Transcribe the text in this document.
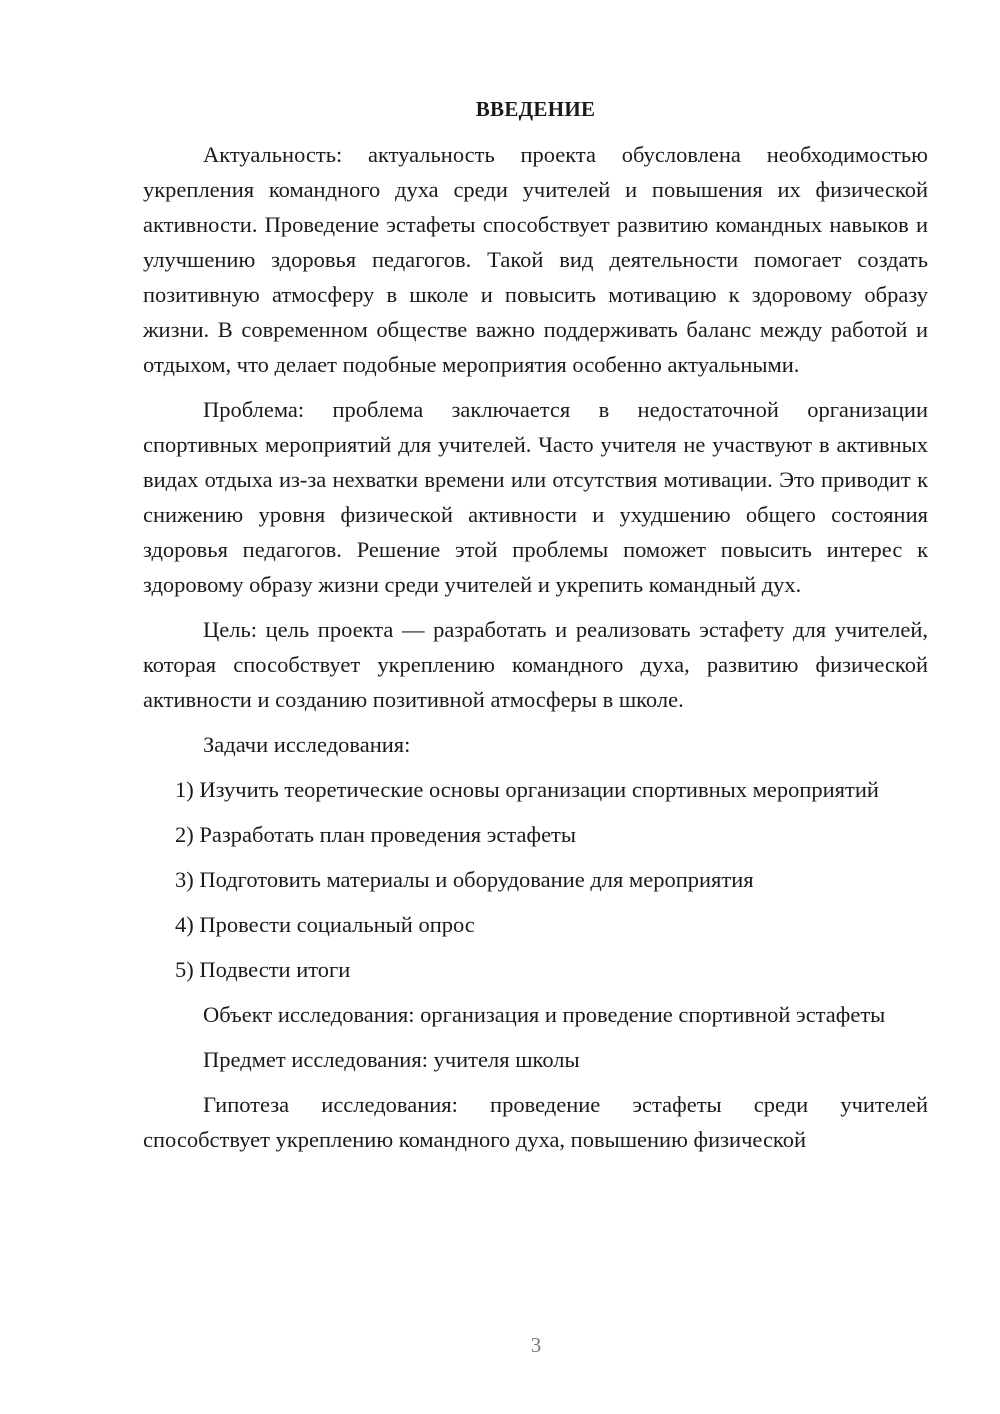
ВВЕДЕНИЕ

Актуальность: актуальность проекта обусловлена необходимостью укрепления командного духа среди учителей и повышения их физической активности. Проведение эстафеты способствует развитию командных навыков и улучшению здоровья педагогов. Такой вид деятельности помогает создать позитивную атмосферу в школе и повысить мотивацию к здоровому образу жизни. В современном обществе важно поддерживать баланс между работой и отдыхом, что делает подобные мероприятия особенно актуальными.

Проблема: проблема заключается в недостаточной организации спортивных мероприятий для учителей. Часто учителя не участвуют в активных видах отдыха из-за нехватки времени или отсутствия мотивации. Это приводит к снижению уровня физической активности и ухудшению общего состояния здоровья педагогов. Решение этой проблемы поможет повысить интерес к здоровому образу жизни среди учителей и укрепить командный дух.

Цель: цель проекта — разработать и реализовать эстафету для учителей, которая способствует укреплению командного духа, развитию физической активности и созданию позитивной атмосферы в школе.

Задачи исследования:

1) Изучить теоретические основы организации спортивных мероприятий

2) Разработать план проведения эстафеты

3) Подготовить материалы и оборудование для мероприятия

4) Провести социальный опрос

5) Подвести итоги

Объект исследования: организация и проведение спортивной эстафеты

Предмет исследования: учителя школы

Гипотеза исследования: проведение эстафеты среди учителей способствует укреплению командного духа, повышению физической

3
